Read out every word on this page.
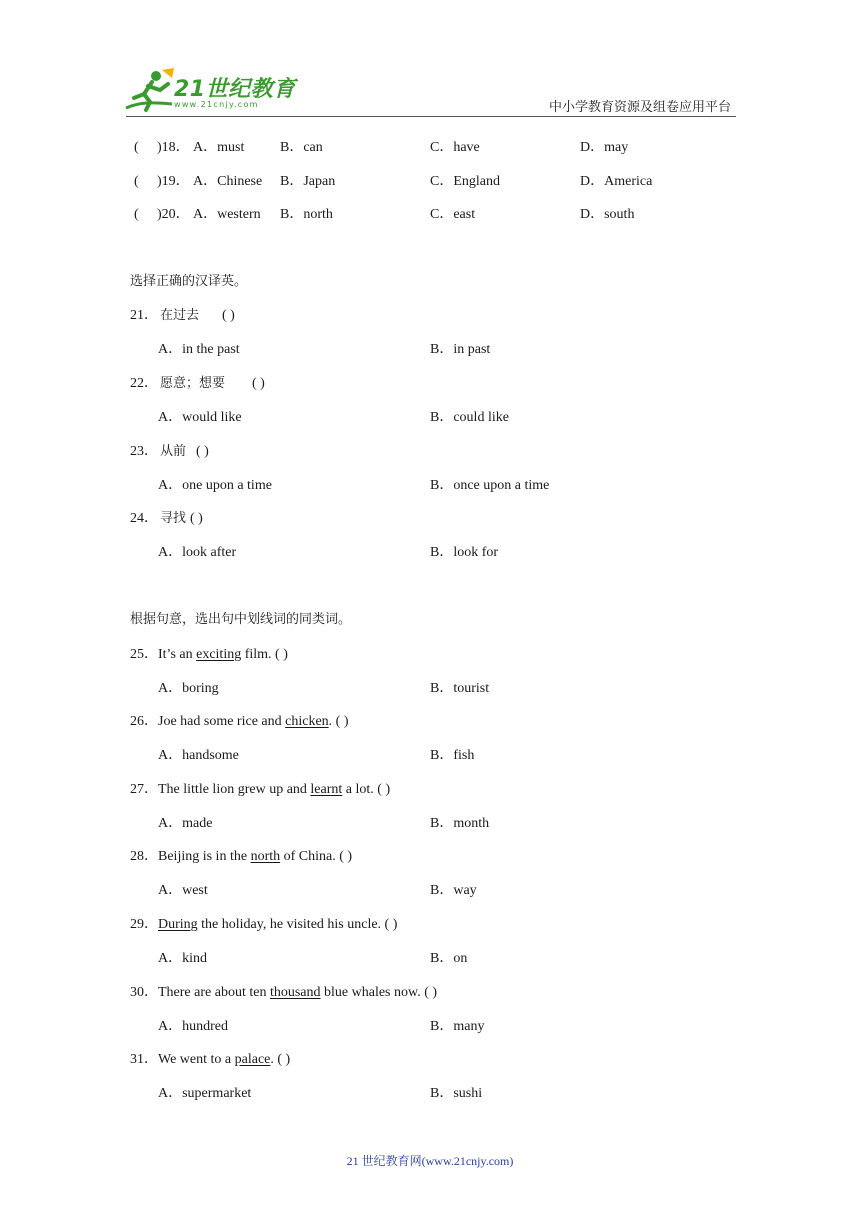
21世纪教育
www.21cnjy.com	中小学教育资源及组卷应用平台
( )18． A．must	B．can	C．have	D．may
( )19． A．Chinese B．Japan	C．England	D．America
( )20． A．western B．north	C．east	D．south
选择正确的汉译英。
21． 在过去 ( )
A．in the past	B．in past
22． 愿意；想要 ( )
A．would like	B．could like
23． 从前 ( )
A．one upon a time	B．once upon a time
24． 寻找 ( )
A．look after	B．look for
根据句意，选出句中划线词的同类词。
25．It’s an exciting film. ( )
A．boring	B．tourist
26．Joe had some rice and chicken. ( )
A．handsome	B．fish
27．The little lion grew up and learnt a lot. ( )
A．made	B．month
28．Beijing is in the north of China. ( )
A．west	B．way
29．During the holiday, he visited his uncle. ( )
A．kind	B．on
30．There are about ten thousand blue whales now. ( )
A．hundred	B．many
31．We went to a palace. ( )
A．supermarket	B．sushi
21 世纪教育网(www.21cnjy.com)
